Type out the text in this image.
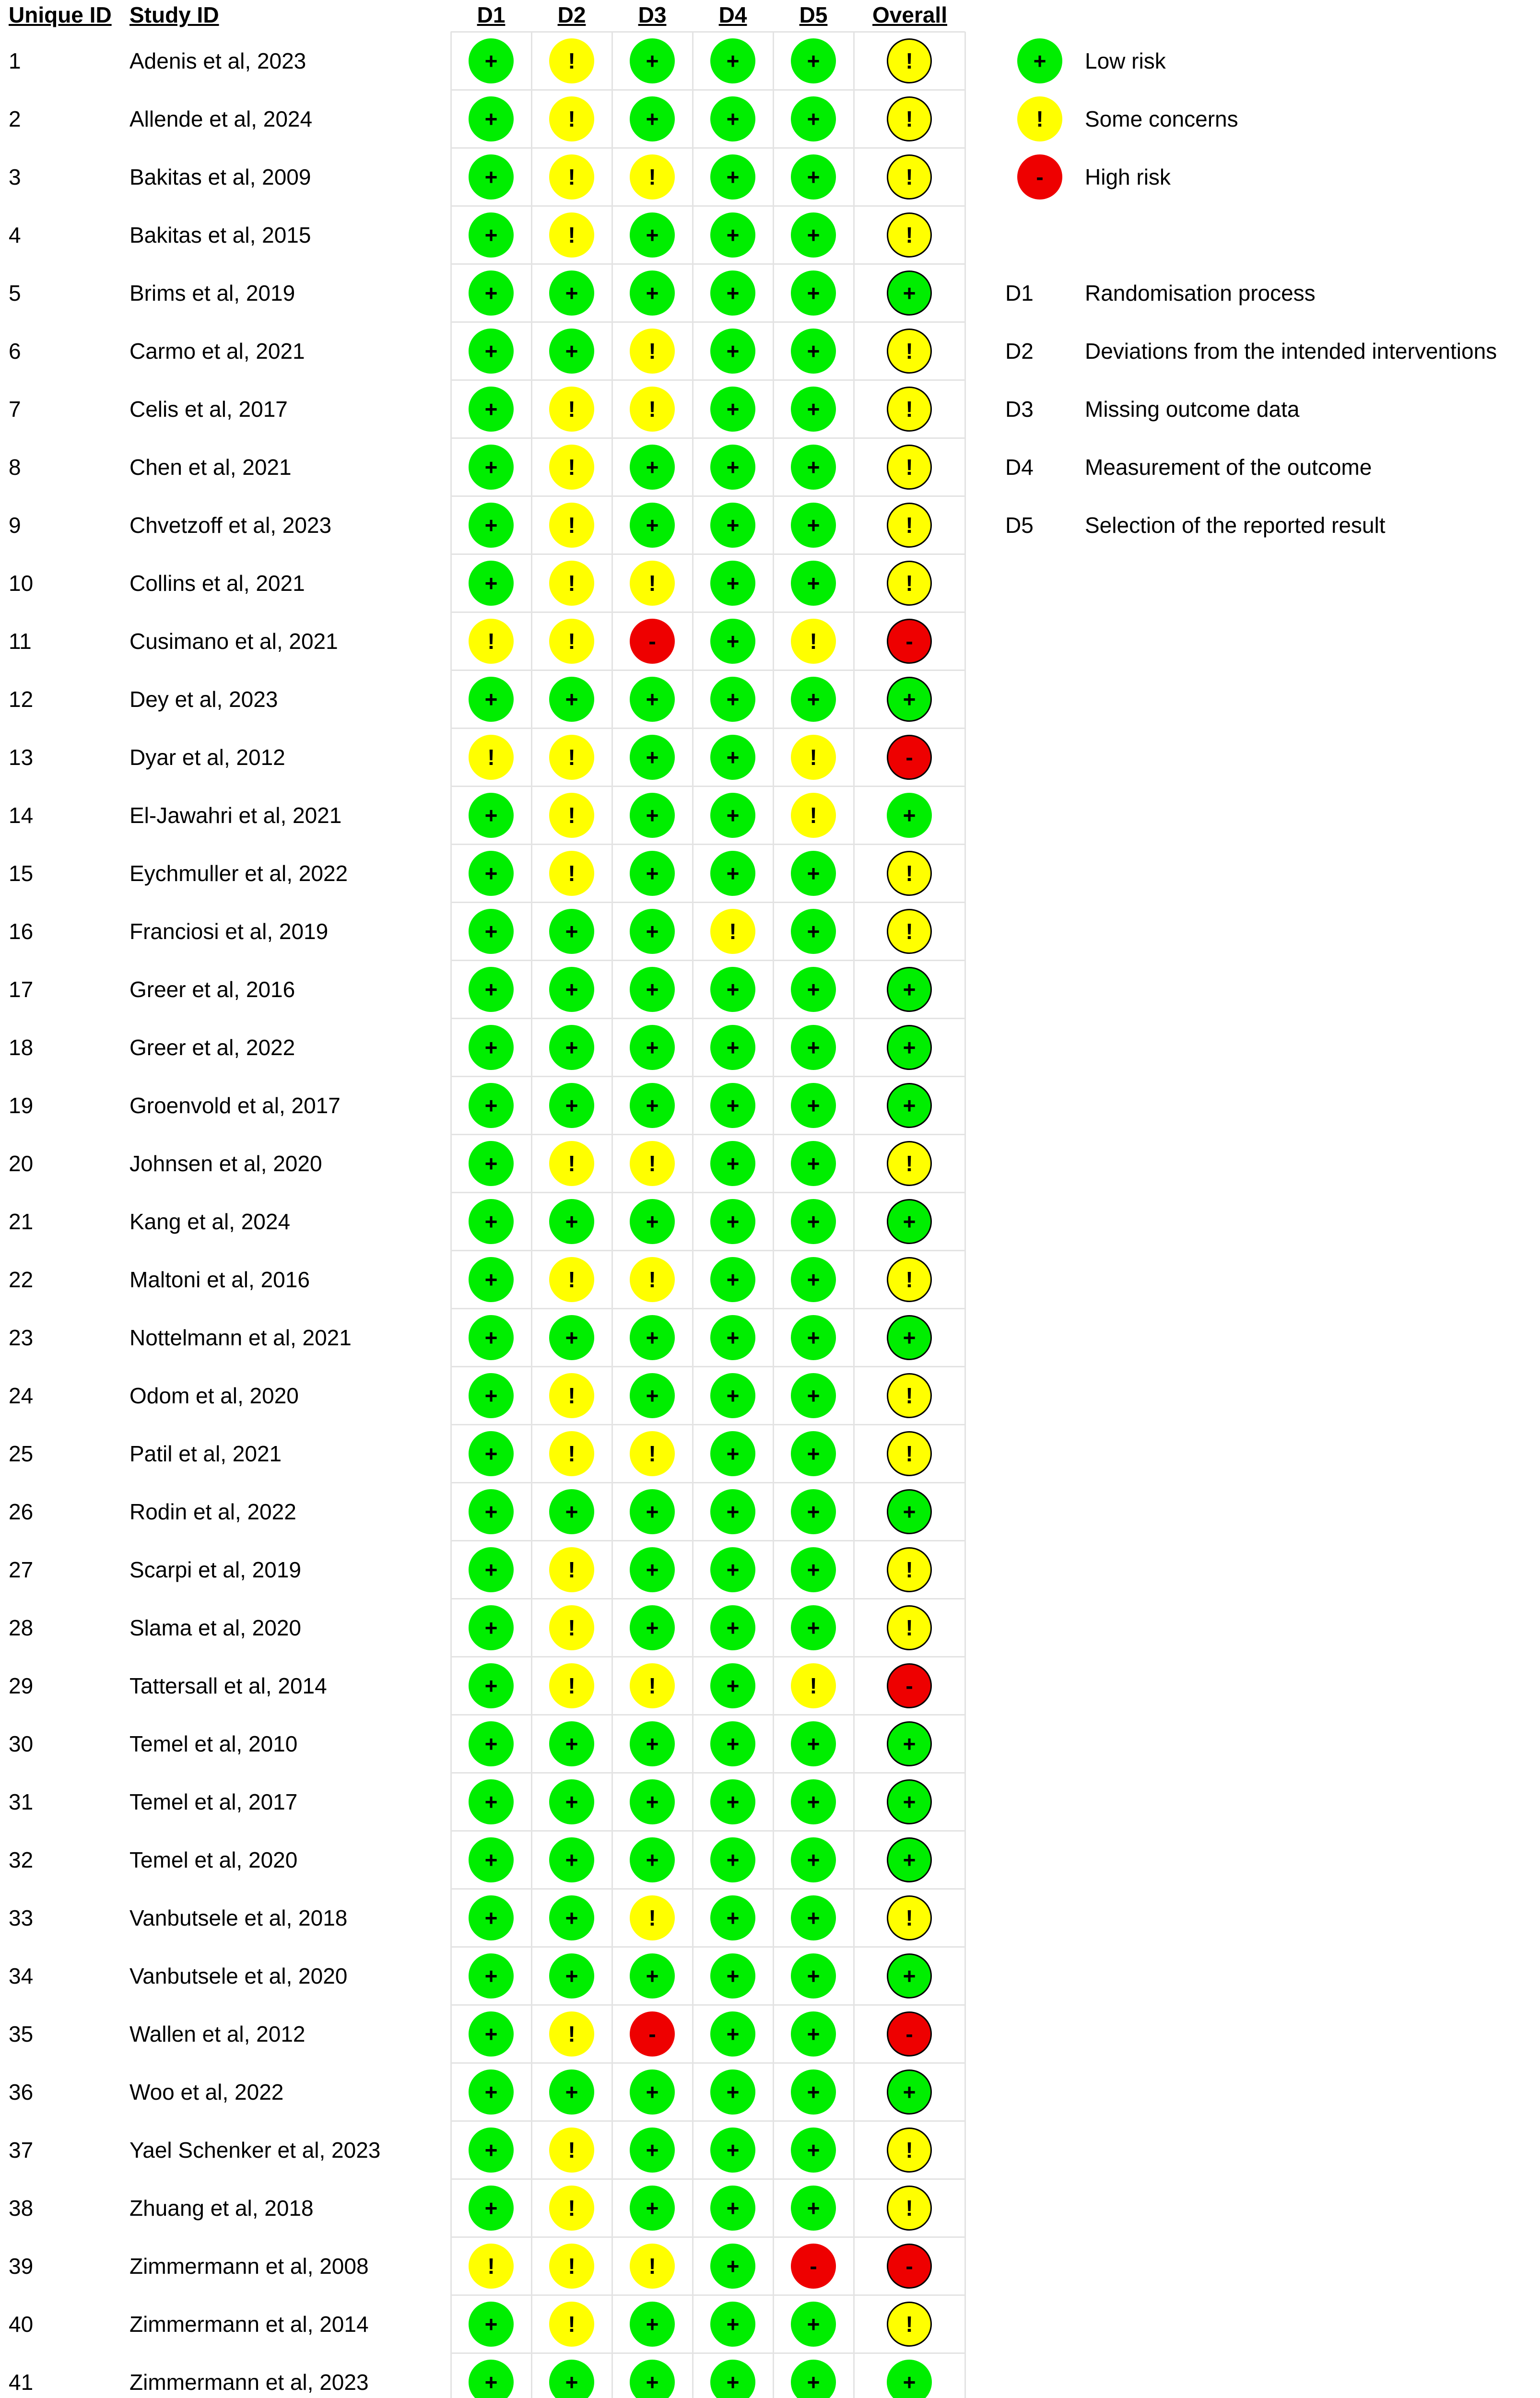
Unique ID Study ID	D1	D2	D3	D4	D5	Overall
1	Adenis et al, 2023	+	!	+	+	+	!
2	Allende et al, 2024	+	!	+	+	+	!
3	Bakitas et al, 2009	+	!	!	+	+	!
4	Bakitas et al, 2015	+	!	+	+	+	!
5	Brims et al, 2019	+	+	+	+	+	+
6	Carmo et al, 2021	+	+	!	+	+	!
7	Celis et al, 2017	+	!	!	+	+	!
8	Chen et al, 2021	+	!	+	+	+	!
9	Chvetzoff et al, 2023	+	!	+	+	+	!
10	Collins et al, 2021	+	!	!	+	+	!
11	Cusimano et al, 2021	!	!	-	+	!	-
12	Dey et al, 2023	+	+	+	+	+	+
13	Dyar et al, 2012	!	!	+	+	!	-
14	El-Jawahri et al, 2021	+	!	+	+	!	+
15	Eychmuller et al, 2022	+	!	+	+	+	!
16	Franciosi et al, 2019	+	+	+	!	+	!
17	Greer et al, 2016	+	+	+	+	+	+
18	Greer et al, 2022	+	+	+	+	+	+
19	Groenvold et al, 2017	+	+	+	+	+	+
20	Johnsen et al, 2020	+	!	!	+	+	!
21	Kang et al, 2024	+	+	+	+	+	+
22	Maltoni et al, 2016	+	!	!	+	+	!
23	Nottelmann et al, 2021	+	+	+	+	+	+
24	Odom et al, 2020	+	!	+	+	+	!
25	Patil et al, 2021	+	!	!	+	+	!
26	Rodin et al, 2022	+	+	+	+	+	+
27	Scarpi et al, 2019	+	!	+	+	+	!
28	Slama et al, 2020	+	!	+	+	+	!
29	Tattersall et al, 2014	+	!	!	+	!	-
30	Temel et al, 2010	+	+	+	+	+	+
31	Temel et al, 2017	+	+	+	+	+	+
32	Temel et al, 2020	+	+	+	+	+	+
33	Vanbutsele et al, 2018	+	+	!	+	+	!
34	Vanbutsele et al, 2020	+	+	+	+	+	+
35	Wallen et al, 2012	+	!	-	+	+	-
36	Woo et al, 2022	+	+	+	+	+	+
37	Yael Schenker et al, 2023	+	!	+	+	+	!
38	Zhuang et al, 2018	+	!	+	+	+	!
39	Zimmermann et al, 2008	!	!	!	+	-	-
40	Zimmermann et al, 2014	+	!	+	+	+	!
41	Zimmermann et al, 2023	+	+	+	+	+	+
+	Low risk
!	Some concerns
-	High risk
D1 Randomisation process
D2 Deviations from the intended interventions
D3 Missing outcome data
D4 Measurement of the outcome
D5 Selection of the reported result
